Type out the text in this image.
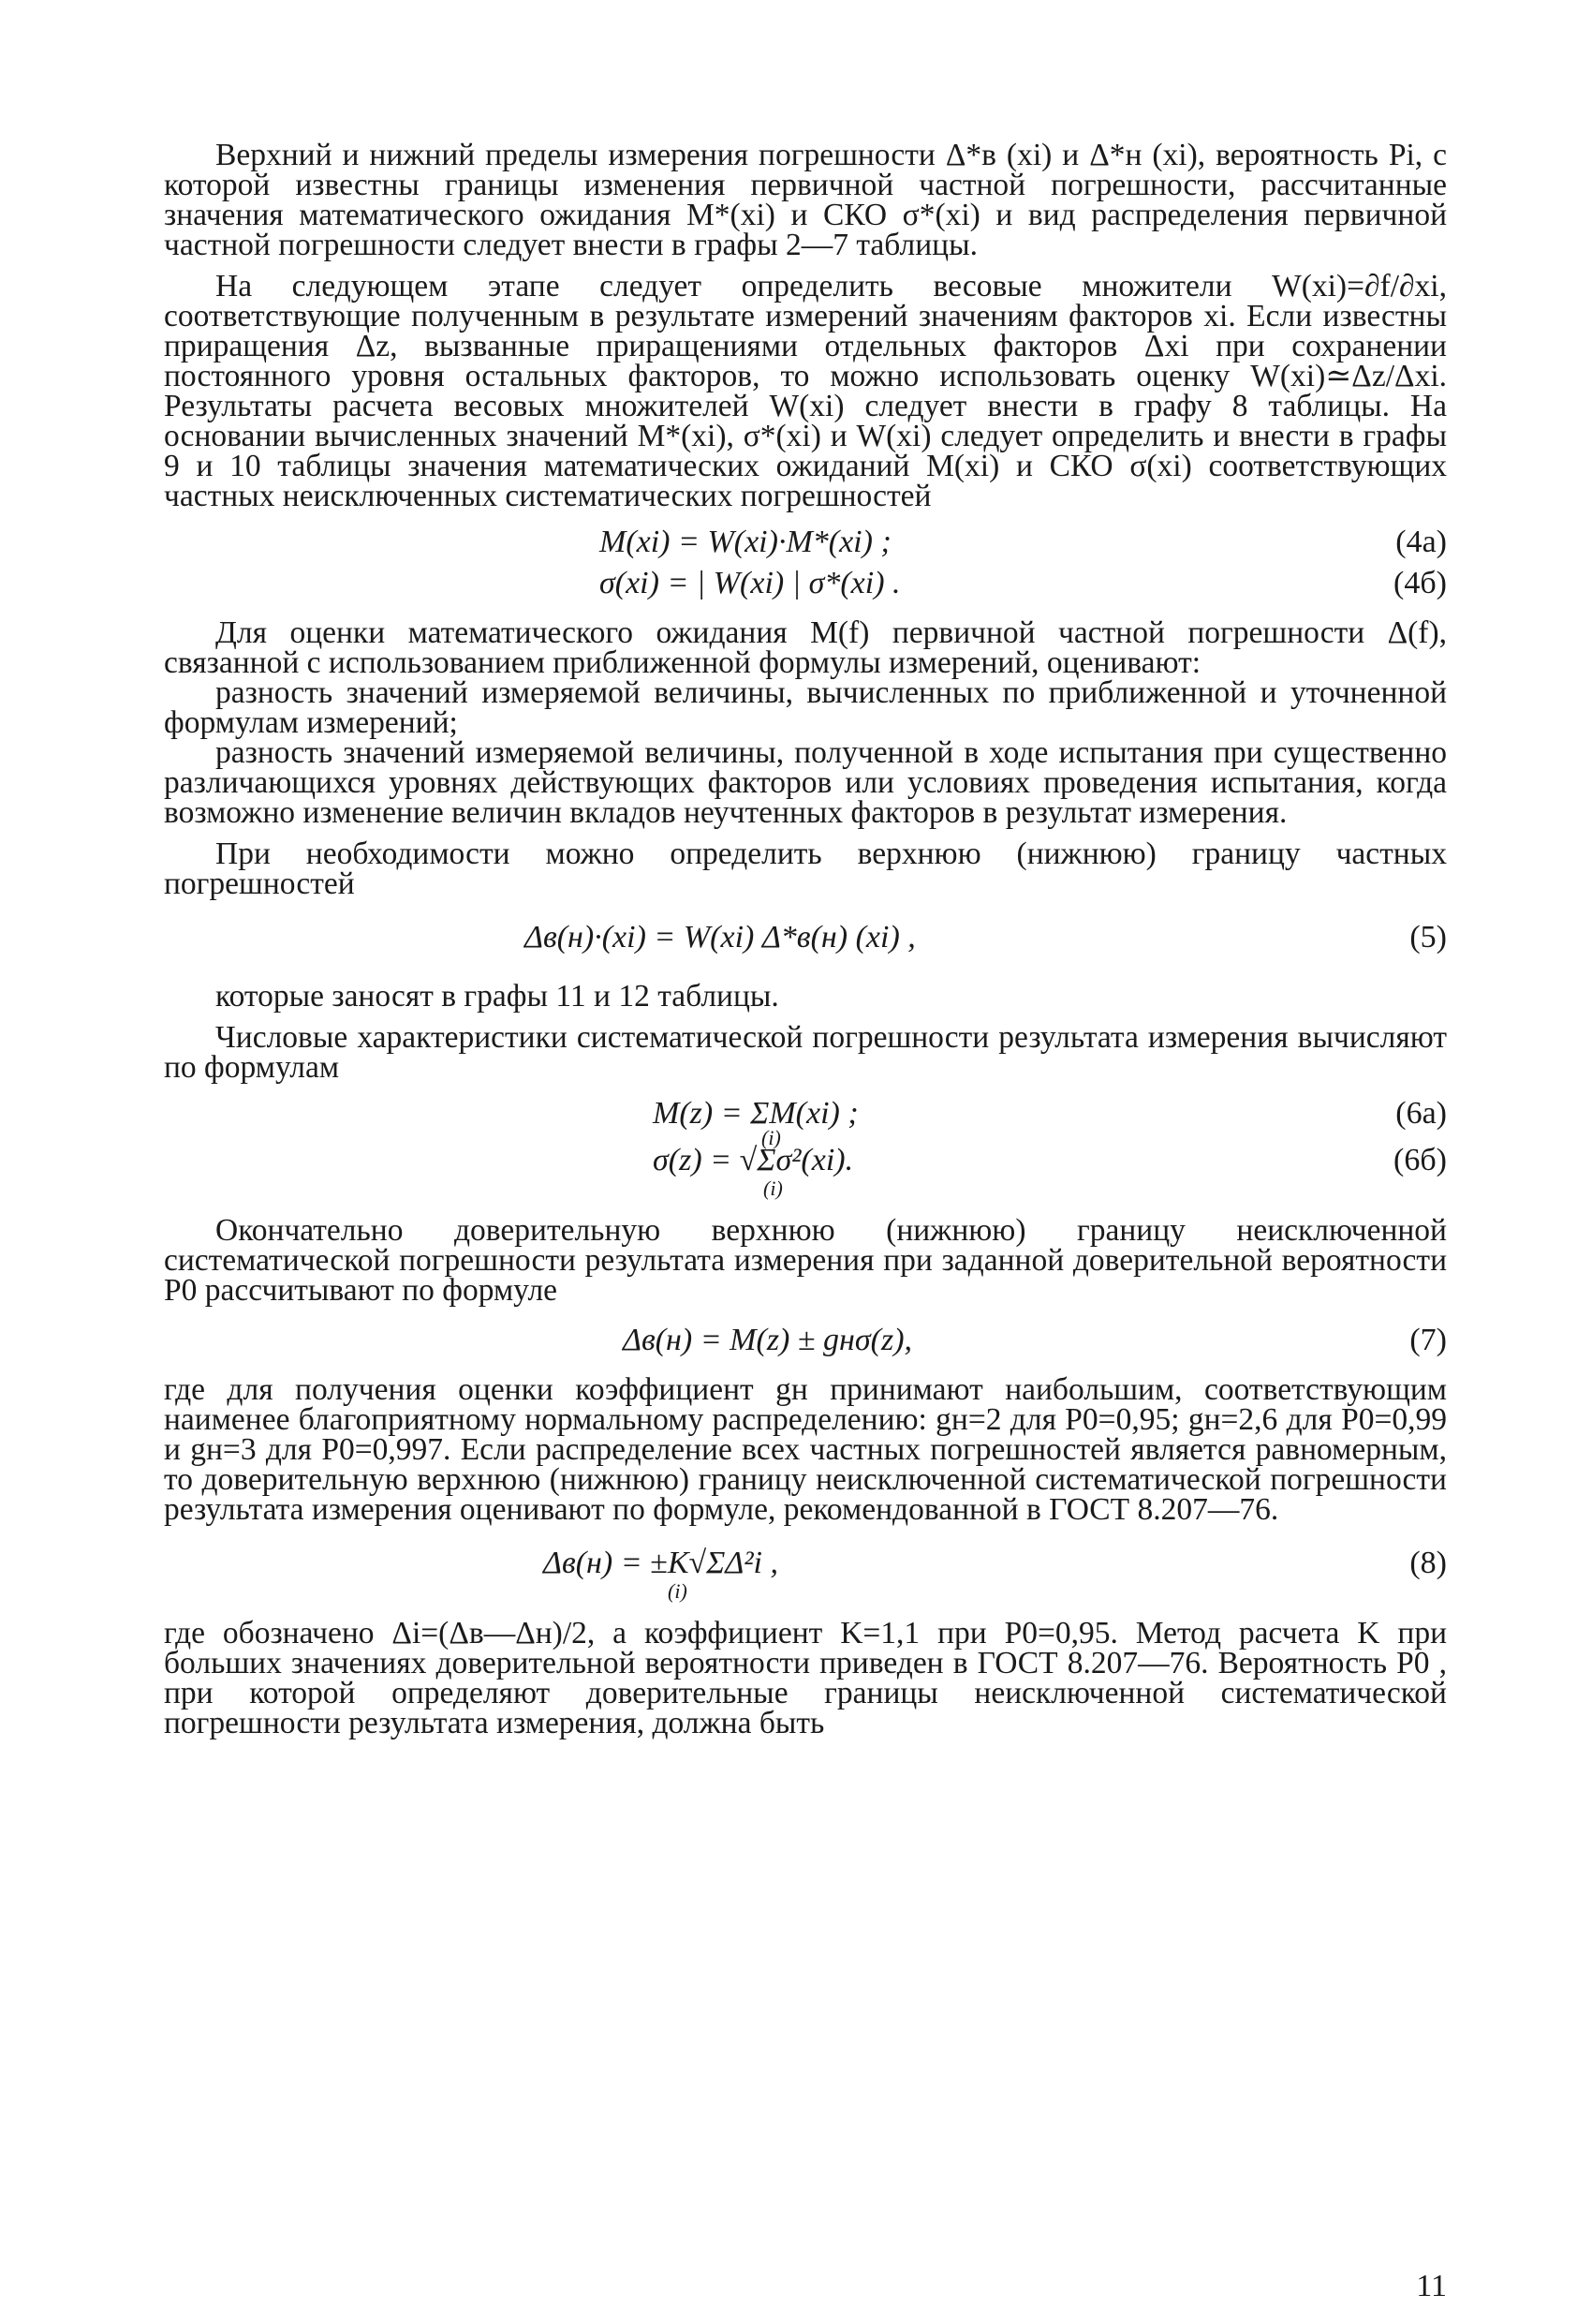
Верхний и нижний пределы измерения погрешности Δ*в (xi) и Δ*н (xi), вероятность Pi, с которой известны границы изменения первичной частной погрешности, рассчитанные значения математического ожидания M*(xi) и СКО σ*(xi) и вид распределения первичной частной погрешности следует внести в графы 2—7 таблицы.

На следующем этапе следует определить весовые множители W(xi)=∂f/∂xi, соответствующие полученным в результате измерений значениям факторов xi. Если известны приращения Δz, вызванные приращениями отдельных факторов Δxi при сохранении постоянного уровня остальных факторов, то можно использовать оценку W(xi)≃Δz/Δxi. Результаты расчета весовых множителей W(xi) следует внести в графу 8 таблицы. На основании вычисленных значений M*(xi), σ*(xi) и W(xi) следует определить и внести в графы 9 и 10 таблицы значения математических ожиданий M(xi) и СКО σ(xi) соответствующих частных неисключенных систематических погрешностей

M(xi) = W(xi)·M*(xi) ;	(4а)
σ(xi) = | W(xi) | σ*(xi) .	(4б)

Для оценки математического ожидания M(f) первичной частной погрешности Δ(f), связанной с использованием приближенной формулы измерений, оценивают:

разность значений измеряемой величины, вычисленных по приближенной и уточненной формулам измерений;

разность значений измеряемой величины, полученной в ходе испытания при существенно различающихся уровнях действующих факторов или условиях проведения испытания, когда возможно изменение величин вкладов неучтенных факторов в результат измерения.

При необходимости можно определить верхнюю (нижнюю) границу частных погрешностей

Δв(н)·(xi) = W(xi) Δ*в(н) (xi) ,	(5)

которые заносят в графы 11 и 12 таблицы.

Числовые характеристики систематической погрешности результата измерения вычисляют по формулам

M(z) = ΣM(xi) ;
(i)
(6а)
σ(z) = √Σσ²(xi).
(i)
(6б)

Окончательно доверительную верхнюю (нижнюю) границу неисключенной систематической погрешности результата измерения при заданной доверительной вероятности P0 рассчитывают по формуле

Δв(н) = M(z) ± gнσ(z),	(7)

где для получения оценки коэффициент gн принимают наибольшим, соответствующим наименее благоприятному нормальному распределению: gн=2 для P0=0,95; gн=2,6 для P0=0,99 и gн=3 для P0=0,997. Если распределение всех частных погрешностей является равномерным, то доверительную верхнюю (нижнюю) границу неисключенной систематической погрешности результата измерения оценивают по формуле, рекомендованной в ГОСТ 8.207—76.

Δв(н) = ±K√ΣΔ²i ,
(i)
(8)

где обозначено Δi=(Δв—Δн)/2, а коэффициент K=1,1 при P0=0,95. Метод расчета K при больших значениях доверительной вероятности приведен в ГОСТ 8.207—76. Вероятность P0 , при которой определяют доверительные границы неисключенной систематической погрешности результата измерения, должна быть

11
